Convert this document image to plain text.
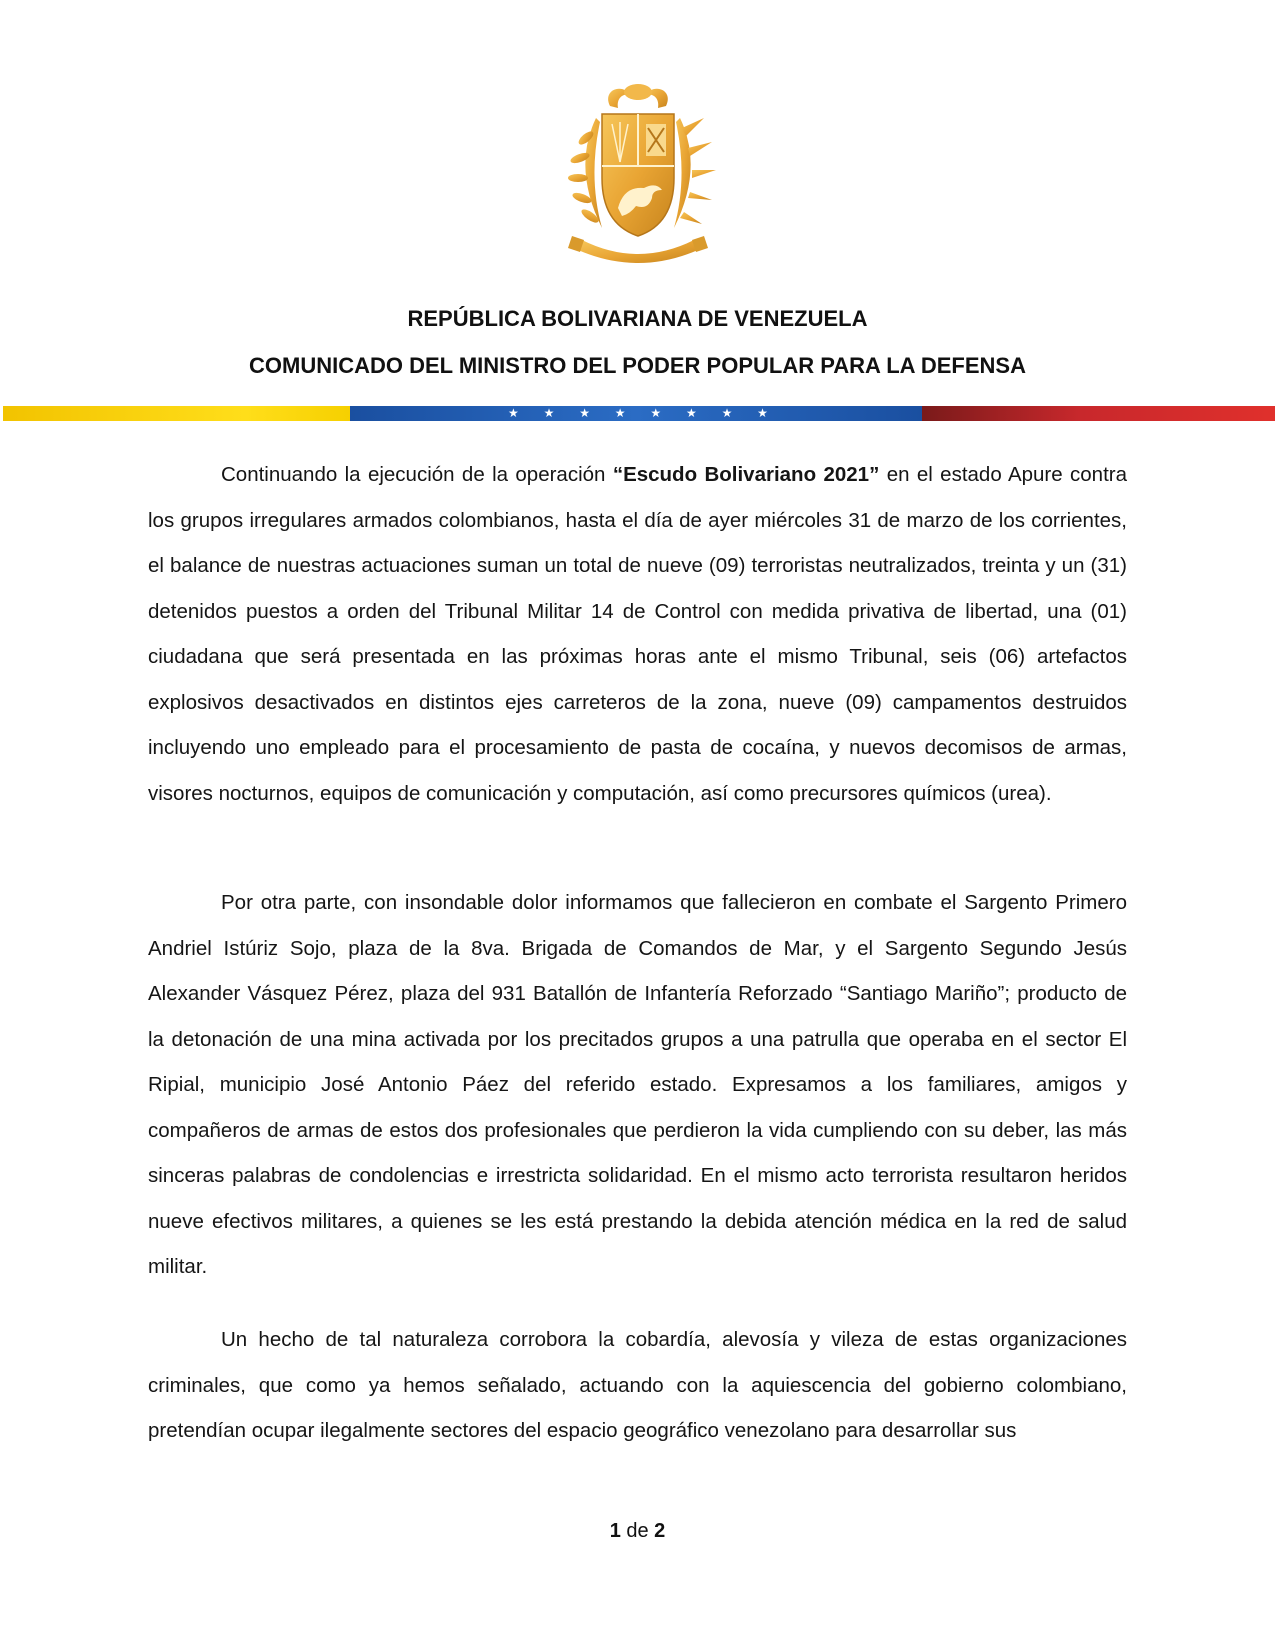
REPÚBLICA BOLIVARIANA DE VENEZUELA
COMUNICADO DEL MINISTRO DEL PODER POPULAR PARA LA DEFENSA
★ ★ ★ ★ ★ ★ ★ ★

Continuando la ejecución de la operación “Escudo Bolivariano 2021” en el estado Apure contra los grupos irregulares armados colombianos, hasta el día de ayer miércoles 31 de marzo de los corrientes, el balance de nuestras actuaciones suman un total de nueve (09) terroristas neutralizados, treinta y un (31) detenidos puestos a orden del Tribunal Militar 14 de Control con medida privativa de libertad, una (01) ciudadana que será presentada en las próximas horas ante el mismo Tribunal, seis (06) artefactos explosivos desactivados en distintos ejes carreteros de la zona, nueve (09) campamentos destruidos incluyendo uno empleado para el procesamiento de pasta de cocaína, y nuevos decomisos de armas, visores nocturnos, equipos de comunicación y computación, así como precursores químicos (urea).

Por otra parte, con insondable dolor informamos que fallecieron en combate el Sargento Primero Andriel Istúriz Sojo, plaza de la 8va. Brigada de Comandos de Mar, y el Sargento Segundo Jesús Alexander Vásquez Pérez, plaza del 931 Batallón de Infantería Reforzado “Santiago Mariño”; producto de la detonación de una mina activada por los precitados grupos a una patrulla que operaba en el sector El Ripial, municipio José Antonio Páez del referido estado. Expresamos a los familiares, amigos y compañeros de armas de estos dos profesionales que perdieron la vida cumpliendo con su deber, las más sinceras palabras de condolencias e irrestricta solidaridad. En el mismo acto terrorista resultaron heridos nueve efectivos militares, a quienes se les está prestando la debida atención médica en la red de salud militar.

Un hecho de tal naturaleza corrobora la cobardía, alevosía y vileza de estas organizaciones criminales, que como ya hemos señalado, actuando con la aquiescencia del gobierno colombiano, pretendían ocupar ilegalmente sectores del espacio geográfico venezolano para desarrollar sus

1 de 2
